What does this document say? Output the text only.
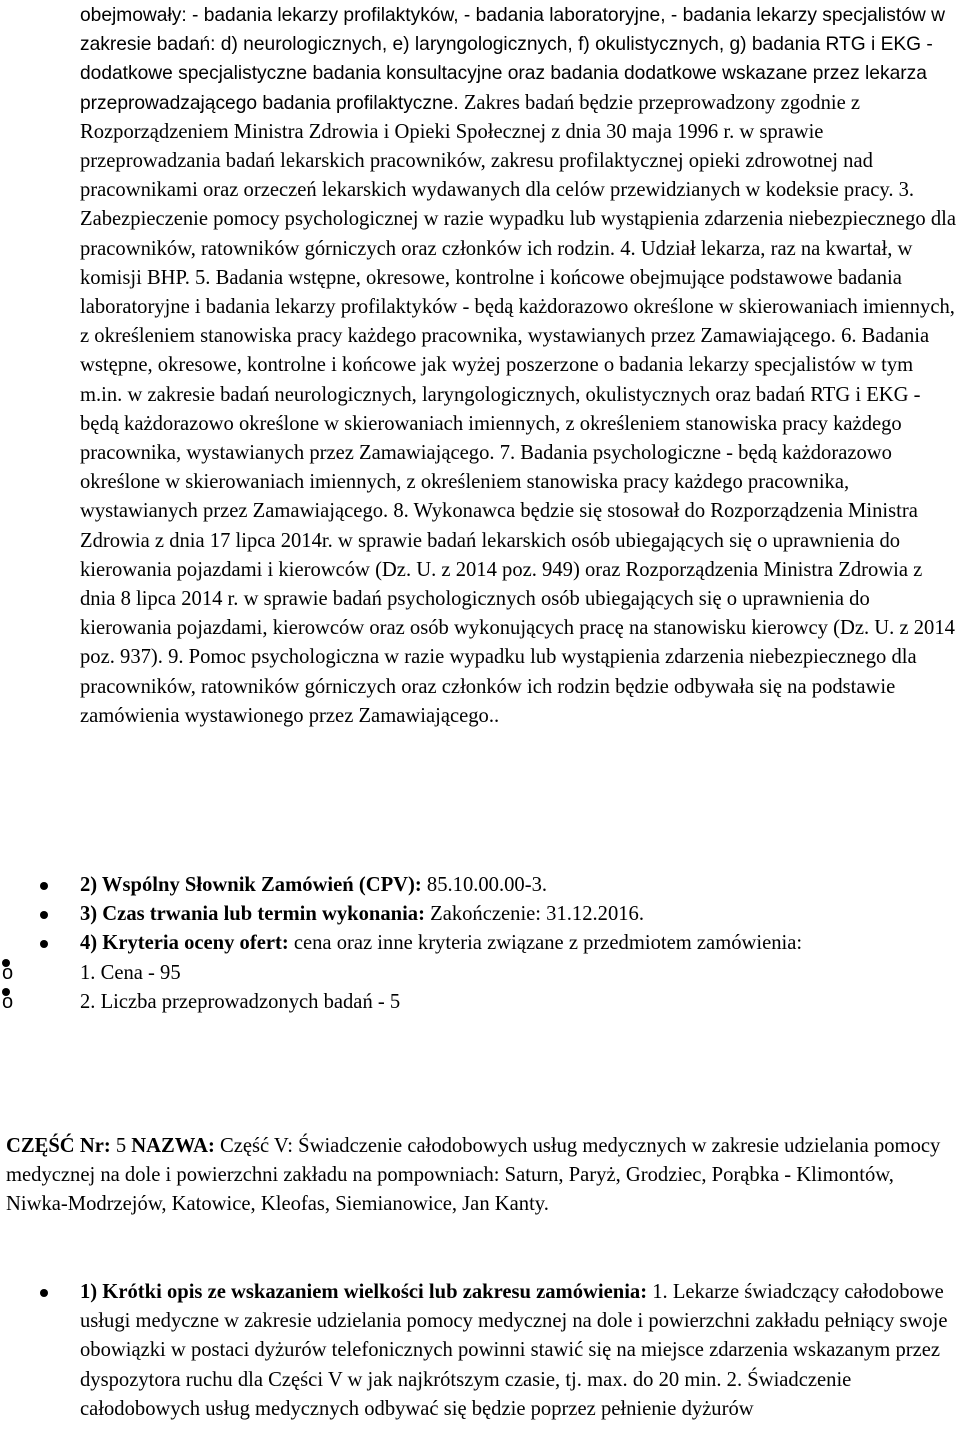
obejmowały: - badania lekarzy profilaktyków, - badania laboratoryjne, - badania lekarzy specjalistów w zakresie badań: d) neurologicznych, e) laryngologicznych, f) okulistycznych, g) badania RTG i EKG - dodatkowe specjalistyczne badania konsultacyjne oraz badania dodatkowe wskazane przez lekarza przeprowadzającego badania profilaktyczne. Zakres badań będzie przeprowadzony zgodnie z Rozporządzeniem Ministra Zdrowia i Opieki Społecznej z dnia 30 maja 1996 r. w sprawie przeprowadzania badań lekarskich pracowników, zakresu profilaktycznej opieki zdrowotnej nad pracownikami oraz orzeczeń lekarskich wydawanych dla celów przewidzianych w kodeksie pracy. 3. Zabezpieczenie pomocy psychologicznej w razie wypadku lub wystąpienia zdarzenia niebezpiecznego dla pracowników, ratowników górniczych oraz członków ich rodzin. 4. Udział lekarza, raz na kwartał, w komisji BHP. 5. Badania wstępne, okresowe, kontrolne i końcowe obejmujące podstawowe badania laboratoryjne i badania lekarzy profilaktyków - będą każdorazowo określone w skierowaniach imiennych, z określeniem stanowiska pracy każdego pracownika, wystawianych przez Zamawiającego. 6. Badania wstępne, okresowe, kontrolne i końcowe jak wyżej poszerzone o badania lekarzy specjalistów w tym m.in. w zakresie badań neurologicznych, laryngologicznych, okulistycznych oraz badań RTG i EKG - będą każdorazowo określone w skierowaniach imiennych, z określeniem stanowiska pracy każdego pracownika, wystawianych przez Zamawiającego. 7. Badania psychologiczne - będą każdorazowo określone w skierowaniach imiennych, z określeniem stanowiska pracy każdego pracownika, wystawianych przez Zamawiającego. 8. Wykonawca będzie się stosował do Rozporządzenia Ministra Zdrowia z dnia 17 lipca 2014r. w sprawie badań lekarskich osób ubiegających się o uprawnienia do kierowania pojazdami i kierowców (Dz. U. z 2014 poz. 949) oraz Rozporządzenia Ministra Zdrowia z dnia 8 lipca 2014 r. w sprawie badań psychologicznych osób ubiegających się o uprawnienia do kierowania pojazdami, kierowców oraz osób wykonujących pracę na stanowisku kierowcy (Dz. U. z 2014 poz. 937). 9. Pomoc psychologiczna w razie wypadku lub wystąpienia zdarzenia niebezpiecznego dla pracowników, ratowników górniczych oraz członków ich rodzin będzie odbywała się na podstawie zamówienia wystawionego przez Zamawiającego..

2) Wspólny Słownik Zamówień (CPV): 85.10.00.00-3.
3) Czas trwania lub termin wykonania: Zakończenie: 31.12.2016.
4) Kryteria oceny ofert: cena oraz inne kryteria związane z przedmiotem zamówienia:
o 1. Cena - 95
o 2. Liczba przeprowadzonych badań - 5

CZĘŚĆ Nr: 5 NAZWA: Część V: Świadczenie całodobowych usług medycznych w zakresie udzielania pomocy medycznej na dole i powierzchni zakładu na pompowniach: Saturn, Paryż, Grodziec, Porąbka - Klimontów, Niwka-Modrzejów, Katowice, Kleofas, Siemianowice, Jan Kanty.

1) Krótki opis ze wskazaniem wielkości lub zakresu zamówienia: 1. Lekarze świadczący całodobowe usługi medyczne w zakresie udzielania pomocy medycznej na dole i powierzchni zakładu pełniący swoje obowiązki w postaci dyżurów telefonicznych powinni stawić się na miejsce zdarzenia wskazanym przez dyspozytora ruchu dla Części V w jak najkrótszym czasie, tj. max. do 20 min. 2. Świadczenie całodobowych usług medycznych odbywać się będzie poprzez pełnienie dyżurów
